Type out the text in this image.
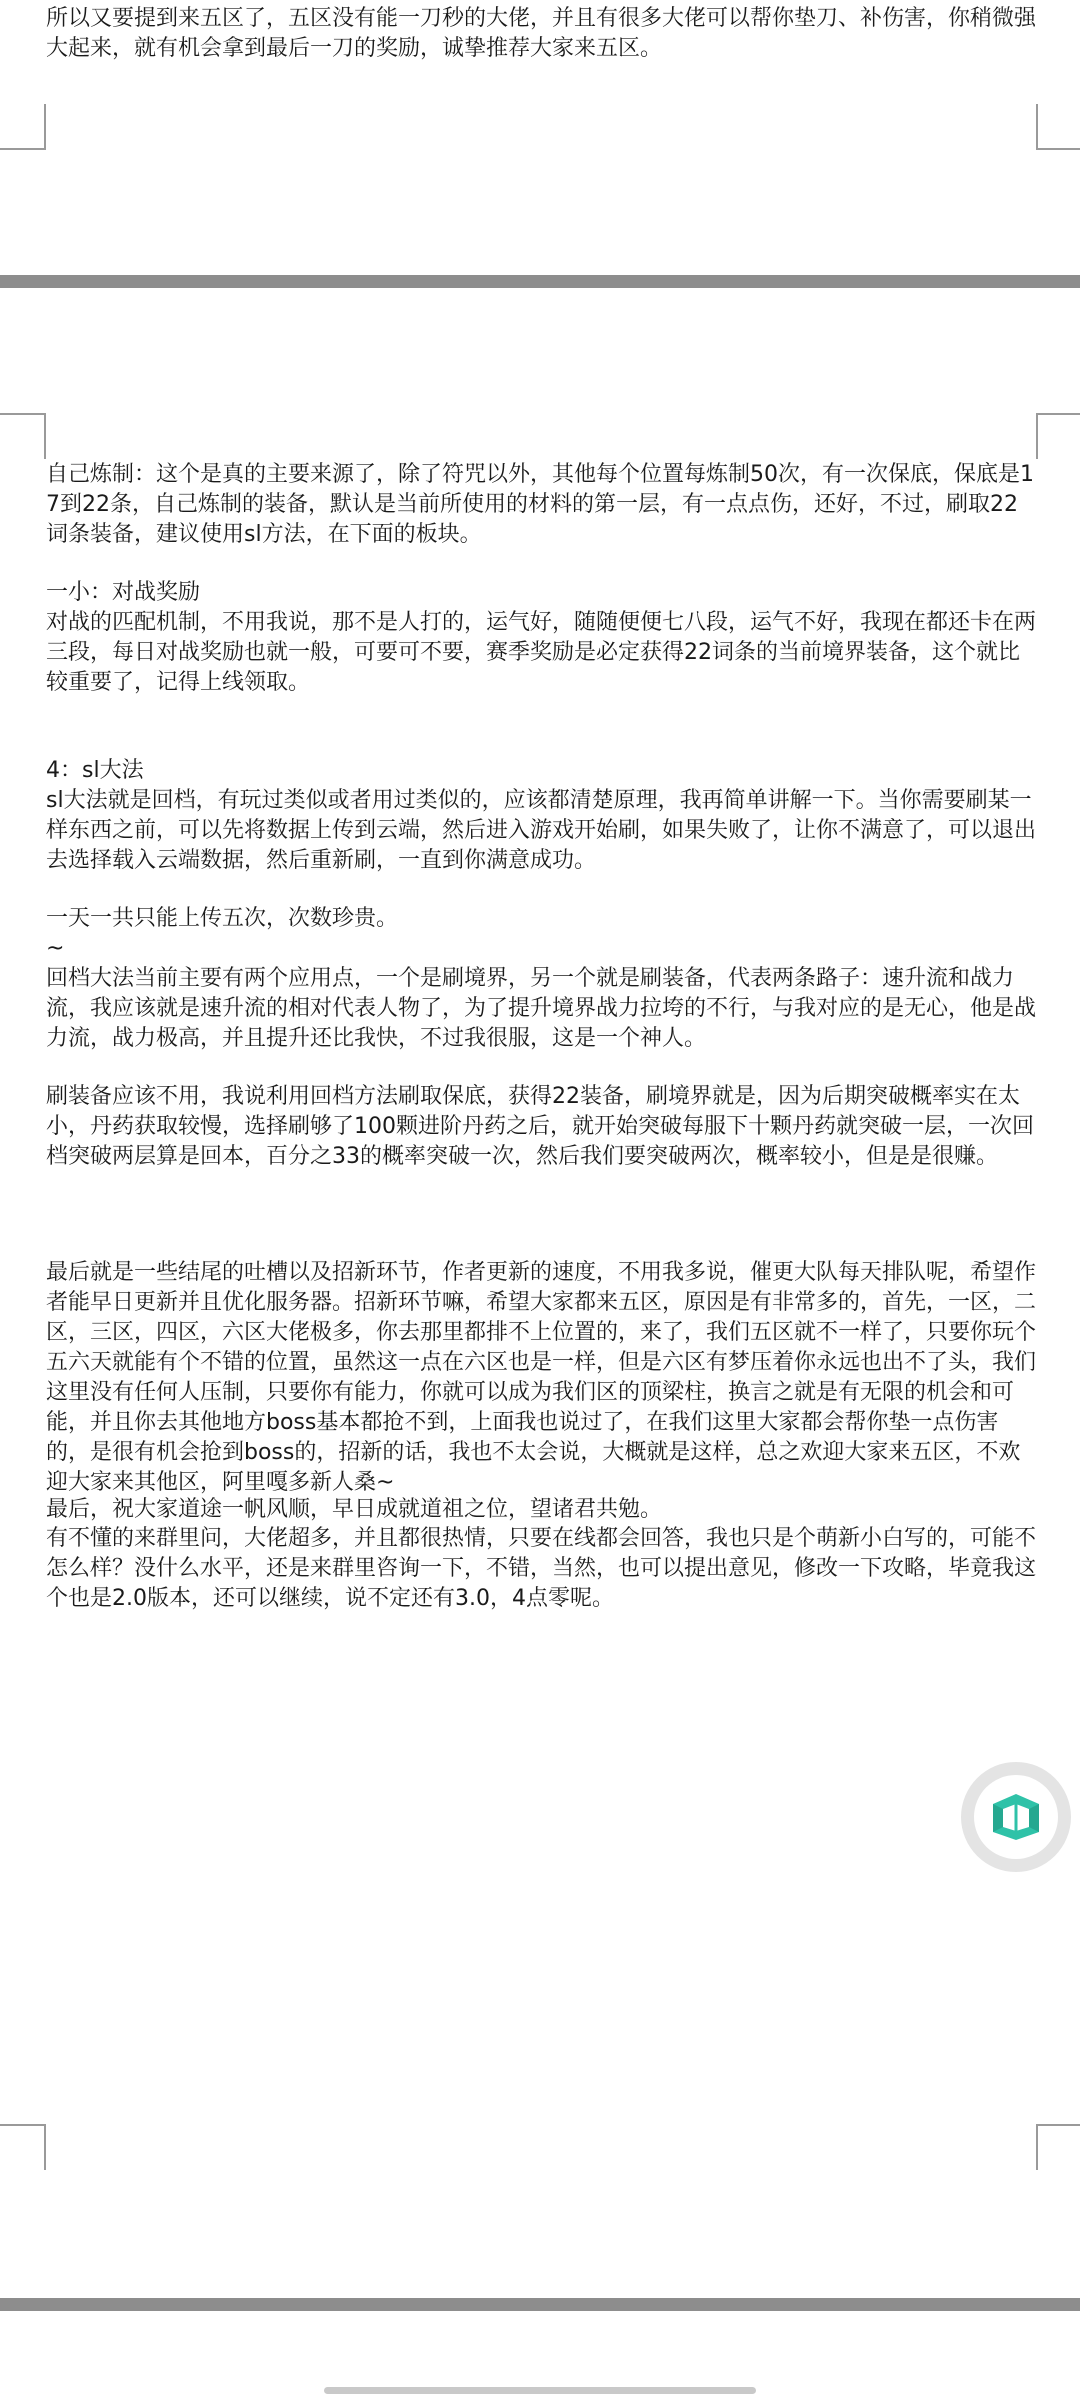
所以又要提到来五区了，五区没有能一刀秒的大佬，并且有很多大佬可以帮你垫刀、补伤害，你稍微强大起来，就有机会拿到最后一刀的奖励，诚挚推荐大家来五区。

自己炼制：这个是真的主要来源了，除了符咒以外，其他每个位置每炼制50次，有一次保底，保底是17到22条，自己炼制的装备，默认是当前所使用的材料的第一层，有一点点伤，还好，不过，刷取22词条装备，建议使用sl方法，在下面的板块。

一小：对战奖励

对战的匹配机制，不用我说，那不是人打的，运气好，随随便便七八段，运气不好，我现在都还卡在两三段，每日对战奖励也就一般，可要可不要，赛季奖励是必定获得22词条的当前境界装备，这个就比较重要了，记得上线领取。

4：sl大法

sl大法就是回档，有玩过类似或者用过类似的，应该都清楚原理，我再简单讲解一下。当你需要刷某一样东西之前，可以先将数据上传到云端，然后进入游戏开始刷，如果失败了，让你不满意了，可以退出去选择载入云端数据，然后重新刷，一直到你满意成功。

一天一共只能上传五次，次数珍贵。

~

回档大法当前主要有两个应用点，一个是刷境界，另一个就是刷装备，代表两条路子：速升流和战力流，我应该就是速升流的相对代表人物了，为了提升境界战力拉垮的不行，与我对应的是无心，他是战力流，战力极高，并且提升还比我快，不过我很服，这是一个神人。

刷装备应该不用，我说利用回档方法刷取保底，获得22装备，刷境界就是，因为后期突破概率实在太小，丹药获取较慢，选择刷够了100颗进阶丹药之后，就开始突破每服下十颗丹药就突破一层，一次回档突破两层算是回本，百分之33的概率突破一次，然后我们要突破两次，概率较小，但是是很赚。

最后就是一些结尾的吐槽以及招新环节，作者更新的速度，不用我多说，催更大队每天排队呢，希望作者能早日更新并且优化服务器。招新环节嘛，希望大家都来五区，原因是有非常多的，首先，一区，二区，三区，四区，六区大佬极多，你去那里都排不上位置的，来了，我们五区就不一样了，只要你玩个五六天就能有个不错的位置，虽然这一点在六区也是一样，但是六区有梦压着你永远也出不了头，我们这里没有任何人压制，只要你有能力，你就可以成为我们区的顶梁柱，换言之就是有无限的机会和可能，并且你去其他地方boss基本都抢不到，上面我也说过了，在我们这里大家都会帮你垫一点伤害的，是很有机会抢到boss的，招新的话，我也不太会说，大概就是这样，总之欢迎大家来五区，不欢迎大家来其他区，阿里嘎多新人桑~

最后，祝大家道途一帆风顺，早日成就道祖之位，望诸君共勉。

有不懂的来群里问，大佬超多，并且都很热情，只要在线都会回答，我也只是个萌新小白写的，可能不怎么样？没什么水平，还是来群里咨询一下，不错，当然，也可以提出意见，修改一下攻略，毕竟我这个也是2.0版本，还可以继续，说不定还有3.0，4点零呢。
